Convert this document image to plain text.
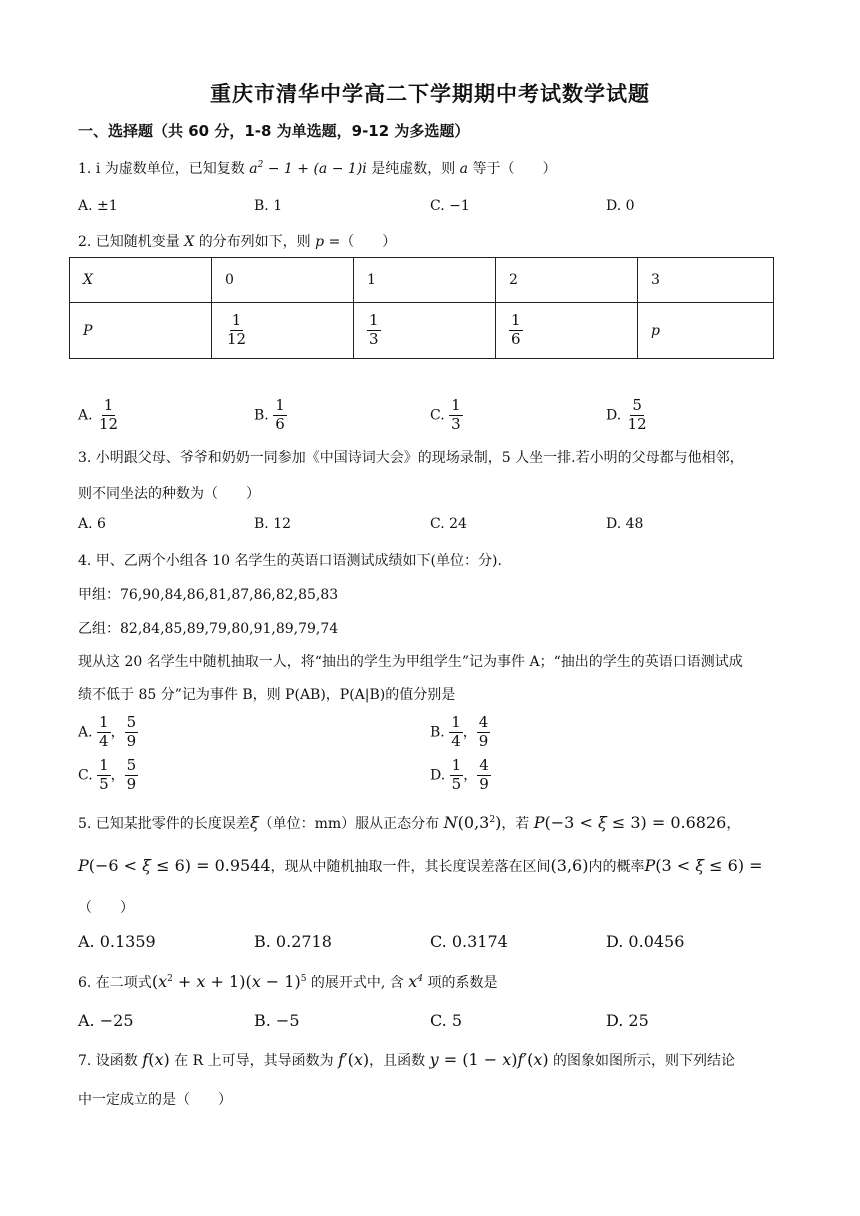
重庆市清华中学高二下学期期中考试数学试题
一、选择题（共 60 分，1-8 为单选题，9-12 为多选题）
1. i 为虚数单位，已知复数 $a^2 - 1 + (a - 1)i$ 是纯虚数，则 a 等于（　　）
A. ±1	B. 1	C. −1	D. 0
2. 已知随机变量 X 的分布列如下，则 p =（　　）
X	0	1	2	3
P	$\frac{1}{12}$	$\frac{1}{3}$	$\frac{1}{6}$	p
A. $\frac{1}{12}$	B. $\frac{1}{6}$	C. $\frac{1}{3}$	D. $\frac{5}{12}$
3. 小明跟父母、爷爷和奶奶一同参加《中国诗词大会》的现场录制，5 人坐一排.若小明的父母都与他相邻，
则不同坐法的种数为（　　）
A. 6	B. 12	C. 24	D. 48
4. 甲、乙两个小组各 10 名学生的英语口语测试成绩如下(单位：分).
甲组：76,90,84,86,81,87,86,82,85,83
乙组：82,84,85,89,79,80,91,89,79,74
现从这 20 名学生中随机抽取一人，将“抽出的学生为甲组学生”记为事件 A；“抽出的学生的英语口语测试成
绩不低于 85 分”记为事件 B，则 P(AB)，P(A|B)的值分别是
A. $\frac{1}{4}$ ， $\frac{5}{9}$	B. $\frac{1}{4}$ ， $\frac{4}{9}$
C. $\frac{1}{5}$ ， $\frac{5}{9}$	D. $\frac{1}{5}$ ， $\frac{4}{9}$
5. 已知某批零件的长度误差ξ（单位：mm）服从正态分布 $N(0,3^2)$，若 P(−3 < ξ ≤ 3) = 0.6826，
P(−6 < ξ ≤ 6) = 0.9544，现从中随机抽取一件，其长度误差落在区间(3,6)内的概率P(3 < ξ ≤ 6) =
（　　）
A. 0.1359	B. 0.2718	C. 0.3174	D. 0.0456
6. 在二项式$(x^2 + x + 1)(x - 1)^5$ 的展开式中, 含 $x^4$ 项的系数是
A. −25	B. −5	C. 5	D. 25
7. 设函数 f(x) 在 R 上可导，其导函数为 f′(x)，且函数 y = (1 − x)f′(x) 的图象如图所示，则下列结论
中一定成立的是（　　）
